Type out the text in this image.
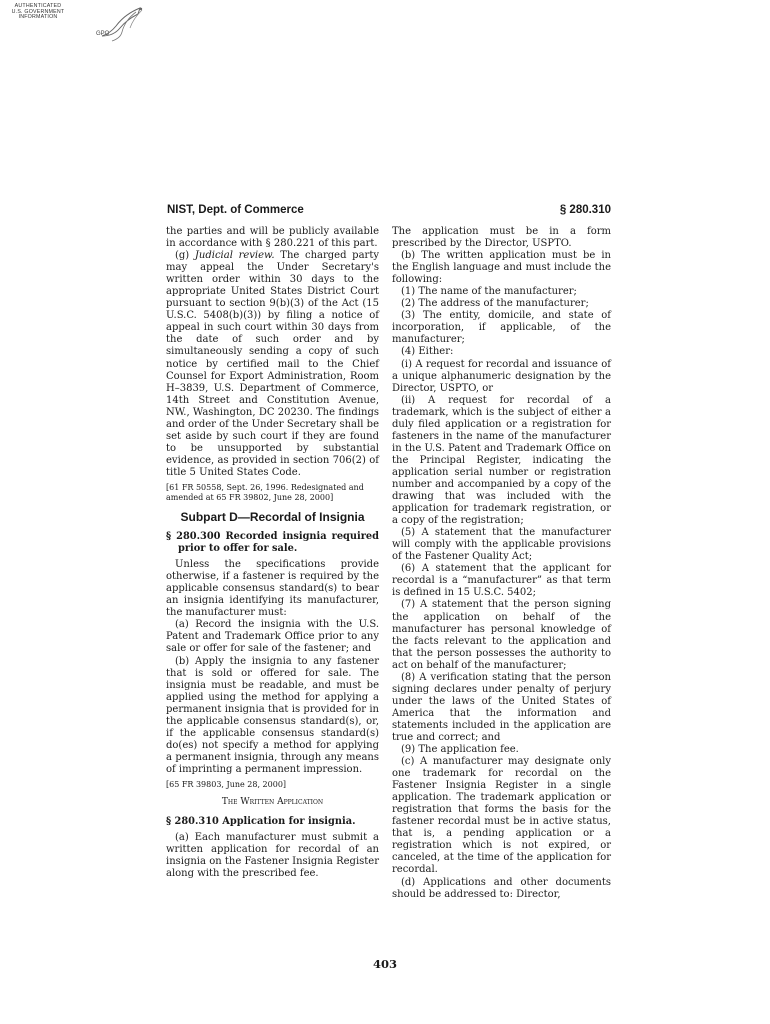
AUTHENTICATED
U.S. GOVERNMENT
INFORMATION
GPO
NIST, Dept. of Commerce	§ 280.310

the parties and will be publicly available in accordance with § 280.221 of this part.

(g) Judicial review. The charged party may appeal the Under Secretary's written order within 30 days to the appropriate United States District Court pursuant to section 9(b)(3) of the Act (15 U.S.C. 5408(b)(3)) by filing a notice of appeal in such court within 30 days from the date of such order and by simultaneously sending a copy of such notice by certified mail to the Chief Counsel for Export Administration, Room H–3839, U.S. Department of Commerce, 14th Street and Constitution Avenue, NW., Washington, DC 20230. The findings and order of the Under Secretary shall be set aside by such court if they are found to be unsupported by substantial evidence, as provided in section 706(2) of title 5 United States Code.

[61 FR 50558, Sept. 26, 1996. Redesignated and amended at 65 FR 39802, June 28, 2000]

Subpart D—Recordal of Insignia

§ 280.300 Recorded insignia required prior to offer for sale.

Unless the specifications provide otherwise, if a fastener is required by the applicable consensus standard(s) to bear an insignia identifying its manufacturer, the manufacturer must:

(a) Record the insignia with the U.S. Patent and Trademark Office prior to any sale or offer for sale of the fastener; and

(b) Apply the insignia to any fastener that is sold or offered for sale. The insignia must be readable, and must be applied using the method for applying a permanent insignia that is provided for in the applicable consensus standard(s), or, if the applicable consensus standard(s) do(es) not specify a method for applying a permanent insignia, through any means of imprinting a permanent impression.

[65 FR 39803, June 28, 2000]

The Written Application

§ 280.310 Application for insignia.

(a) Each manufacturer must submit a written application for recordal of an insignia on the Fastener Insignia Register along with the prescribed fee.

The application must be in a form prescribed by the Director, USPTO.

(b) The written application must be in the English language and must include the following:

(1) The name of the manufacturer;

(2) The address of the manufacturer;

(3) The entity, domicile, and state of incorporation, if applicable, of the manufacturer;

(4) Either:

(i) A request for recordal and issuance of a unique alphanumeric designation by the Director, USPTO, or

(ii) A request for recordal of a trademark, which is the subject of either a duly filed application or a registration for fasteners in the name of the manufacturer in the U.S. Patent and Trademark Office on the Principal Register, indicating the application serial number or registration number and accompanied by a copy of the drawing that was included with the application for trademark registration, or a copy of the registration;

(5) A statement that the manufacturer will comply with the applicable provisions of the Fastener Quality Act;

(6) A statement that the applicant for recordal is a “manufacturer” as that term is defined in 15 U.S.C. 5402;

(7) A statement that the person signing the application on behalf of the manufacturer has personal knowledge of the facts relevant to the application and that the person possesses the authority to act on behalf of the manufacturer;

(8) A verification stating that the person signing declares under penalty of perjury under the laws of the United States of America that the information and statements included in the application are true and correct; and

(9) The application fee.

(c) A manufacturer may designate only one trademark for recordal on the Fastener Insignia Register in a single application. The trademark application or registration that forms the basis for the fastener recordal must be in active status, that is, a pending application or a registration which is not expired, or canceled, at the time of the application for recordal.

(d) Applications and other documents should be addressed to: Director,

403
